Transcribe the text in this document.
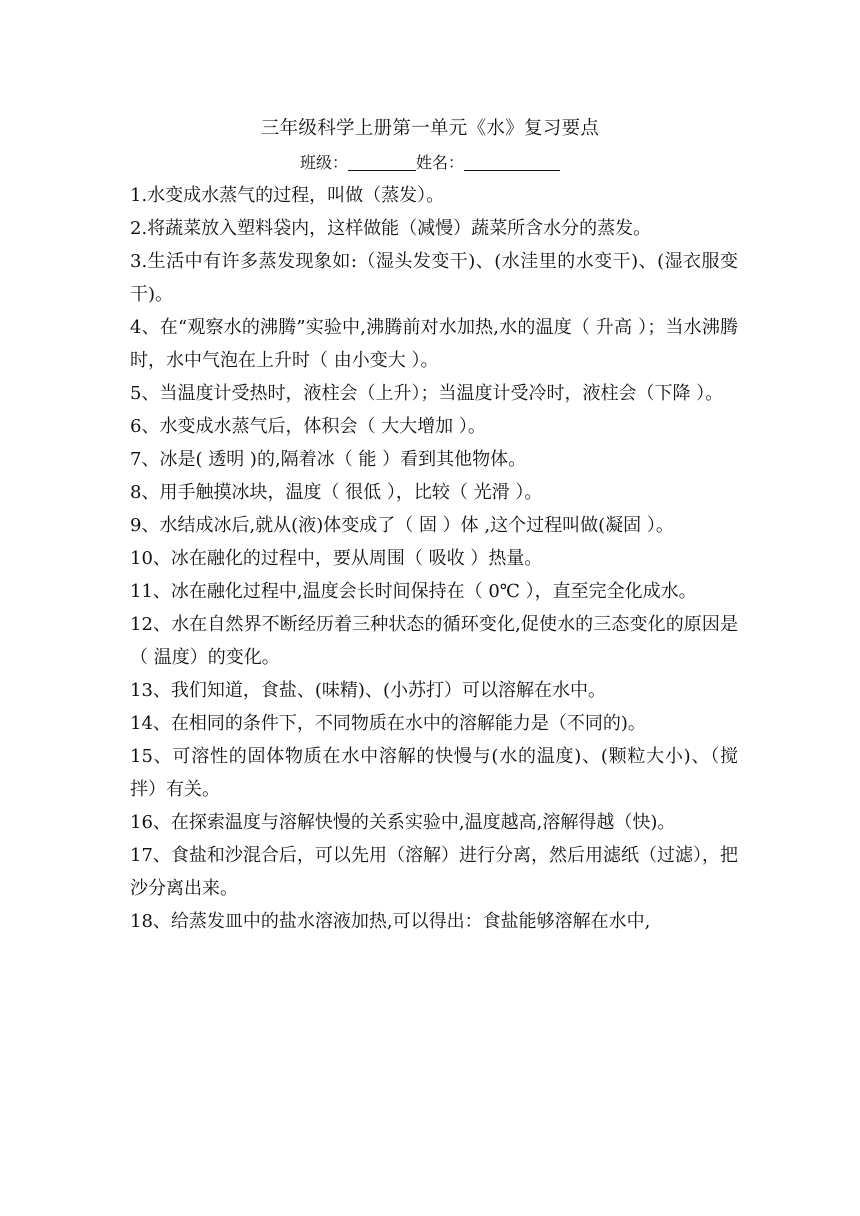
三年级科学上册第一单元《水》复习要点
班级：	姓名：

1.水变成水蒸气的过程，叫做（蒸发）。

2.将蔬菜放入塑料袋内，这样做能（减慢）蔬菜所含水分的蒸发。

3.生活中有许多蒸发现象如:（湿头发变干)、(水洼里的水变干)、(湿衣服变干)。

4、在“观察水的沸腾”实验中,沸腾前对水加热,水的温度（ 升高 ）；当水沸腾时，水中气泡在上升时（ 由小变大 ）。

5、当温度计受热时，液柱会（上升）；当温度计受冷时，液柱会（下降 ）。

6、水变成水蒸气后，体积会（ 大大增加 ）。

7、冰是( 透明 )的,隔着冰（ 能 ）看到其他物体。

8、用手触摸冰块，温度（ 很低 ），比较（ 光滑 ）。

9、水结成冰后,就从(液)体变成了（ 固 ）体 ,这个过程叫做(凝固 ）。

10、冰在融化的过程中，要从周围（ 吸收 ）热量。

11、冰在融化过程中,温度会长时间保持在（ 0℃ ），直至完全化成水。

12、水在自然界不断经历着三种状态的循环变化,促使水的三态变化的原因是（ 温度）的变化。

13、我们知道，食盐、(味精)、(小苏打）可以溶解在水中。

14、在相同的条件下，不同物质在水中的溶解能力是（不同的)。

15、可溶性的固体物质在水中溶解的快慢与(水的温度)、(颗粒大小)、（搅拌）有关。

16、在探索温度与溶解快慢的关系实验中,温度越高,溶解得越（快)。

17、食盐和沙混合后，可以先用（溶解）进行分离，然后用滤纸（过滤），把沙分离出来。

18、给蒸发皿中的盐水溶液加热,可以得出：食盐能够溶解在水中,
